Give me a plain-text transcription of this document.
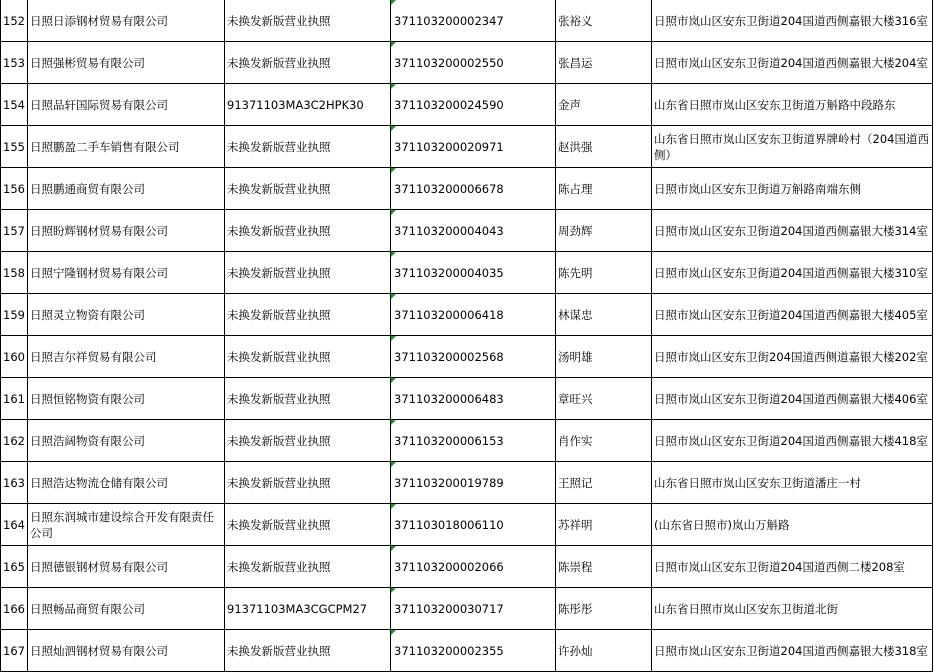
152	日照日添钢材贸易有限公司	未换发新版营业执照	371103200002347	张裕义	日照市岚山区安东卫街道204国道西侧嘉银大楼316室
153	日照强彬贸易有限公司	未换发新版营业执照	371103200002550	张昌运	日照市岚山区安东卫街道204国道西侧嘉银大楼204室
154	日照品轩国际贸易有限公司	91371103MA3C2HPK30	371103200024590	金声	山东省日照市岚山区安东卫街道万斛路中段路东
155	日照鹏盈二手车销售有限公司	未换发新版营业执照	371103200020971	赵洪强	山东省日照市岚山区安东卫街道界牌岭村（204国道西侧）
156	日照鹏通商贸有限公司	未换发新版营业执照	371103200006678	陈占理	日照市岚山区安东卫街道万斛路南端东侧
157	日照盼辉钢材贸易有限公司	未换发新版营业执照	371103200004043	周劲辉	日照市岚山区安东卫街道204国道西侧嘉银大楼314室
158	日照宁隆钢材贸易有限公司	未换发新版营业执照	371103200004035	陈先明	日照市岚山区安东卫街道204国道西侧嘉银大楼310室
159	日照灵立物资有限公司	未换发新版营业执照	371103200006418	林谋忠	日照市岚山区安东卫街道204国道西侧嘉银大楼405室
160	日照吉尔祥贸易有限公司	未换发新版营业执照	371103200002568	汤明雄	日照市岚山区安东卫街204国道西侧道嘉银大楼202室
161	日照恒铭物资有限公司	未换发新版营业执照	371103200006483	章旺兴	日照市岚山区安东卫街道204国道西侧嘉银大楼406室
162	日照浩阔物资有限公司	未换发新版营业执照	371103200006153	肖作实	日照市岚山区安东卫街道204国道西侧嘉银大楼418室
163	日照浩达物流仓储有限公司	未换发新版营业执照	371103200019789	王照记	山东省日照市岚山区安东卫街道潘庄一村
164	日照东润城市建设综合开发有限责任公司	未换发新版营业执照	371103018006110	苏祥明	(山东省日照市)岚山万斛路
165	日照德银钢材贸易有限公司	未换发新版营业执照	371103200002066	陈崇程	日照市岚山区安东卫街道204国道西侧二楼208室
166	日照畅品商贸有限公司	91371103MA3CGCPM27	371103200030717	陈彤彤	山东省日照市岚山区安东卫街道北街
167	日照灿泗钢材贸易有限公司	未换发新版营业执照	371103200002355	许孙灿	日照市岚山区安东卫街道204国道西侧嘉银大楼318室
